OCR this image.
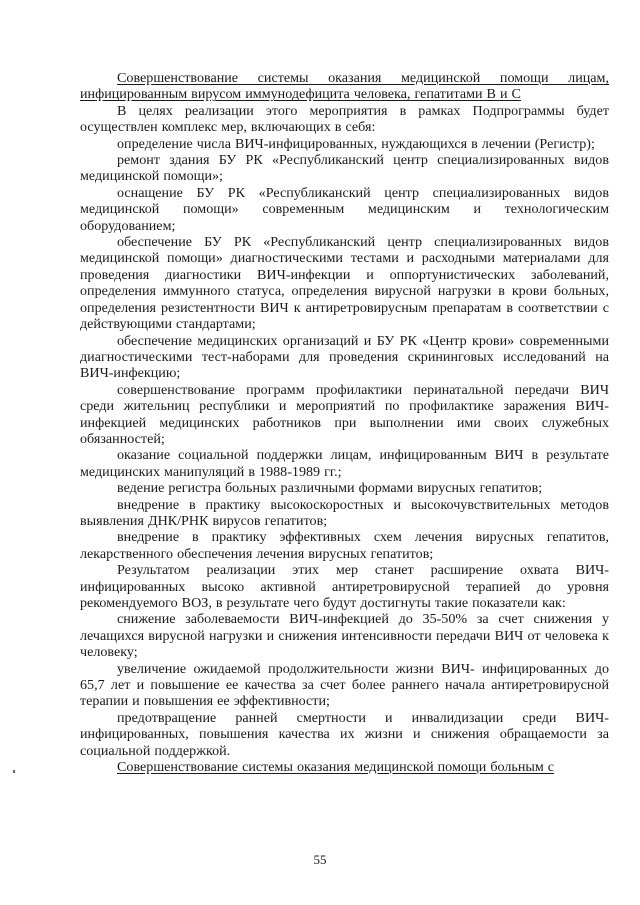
Совершенствование системы оказания медицинской помощи лицам, инфицированным вирусом иммунодефицита человека, гепатитами В и С

В целях реализации этого мероприятия в рамках Подпрограммы будет осуществлен комплекс мер, включающих в себя:

определение числа ВИЧ-инфицированных, нуждающихся в лечении (Регистр);

ремонт здания БУ РК «Республиканский центр специализированных видов медицинской помощи»;

оснащение БУ РК «Республиканский центр специализированных видов медицинской помощи» современным медицинским и технологическим оборудованием;

обеспечение БУ РК «Республиканский центр специализированных видов медицинской помощи» диагностическими тестами и расходными материалами для проведения диагностики ВИЧ-инфекции и оппортунистических заболеваний, определения иммунного статуса, определения вирусной нагрузки в крови больных, определения резистентности ВИЧ к антиретровирусным препаратам в соответствии с действующими стандартами;

обеспечение медицинских организаций и БУ РК «Центр крови» современными диагностическими тест-наборами для проведения скрининговых исследований на ВИЧ-инфекцию;

совершенствование программ профилактики перинатальной передачи ВИЧ среди жительниц республики и мероприятий по профилактике заражения ВИЧ-инфекцией медицинских работников при выполнении ими своих служебных обязанностей;

оказание социальной поддержки лицам, инфицированным ВИЧ в результате медицинских манипуляций в 1988-1989 гг.;

ведение регистра больных различными формами вирусных гепатитов;

внедрение в практику высокоскоростных и высокочувствительных методов выявления ДНК/РНК вирусов гепатитов;

внедрение в практику эффективных схем лечения вирусных гепатитов, лекарственного обеспечения лечения вирусных гепатитов;

Результатом реализации этих мер станет расширение охвата ВИЧ-инфицированных высоко активной антиретровирусной терапией до уровня рекомендуемого ВОЗ, в результате чего будут достигнуты такие показатели как:

снижение заболеваемости ВИЧ-инфекцией до 35-50% за счет снижения у лечащихся вирусной нагрузки и снижения интенсивности передачи ВИЧ от человека к человеку;

увеличение ожидаемой продолжительности жизни ВИЧ- инфицированных до 65,7 лет и повышение ее качества за счет более раннего начала антиретровирусной терапии и повышения ее эффективности;

предотвращение ранней смертности и инвалидизации среди ВИЧ-инфицированных, повышения качества их жизни и снижения обращаемости за социальной поддержкой.

Совершенствование системы оказания медицинской помощи больным с

55
